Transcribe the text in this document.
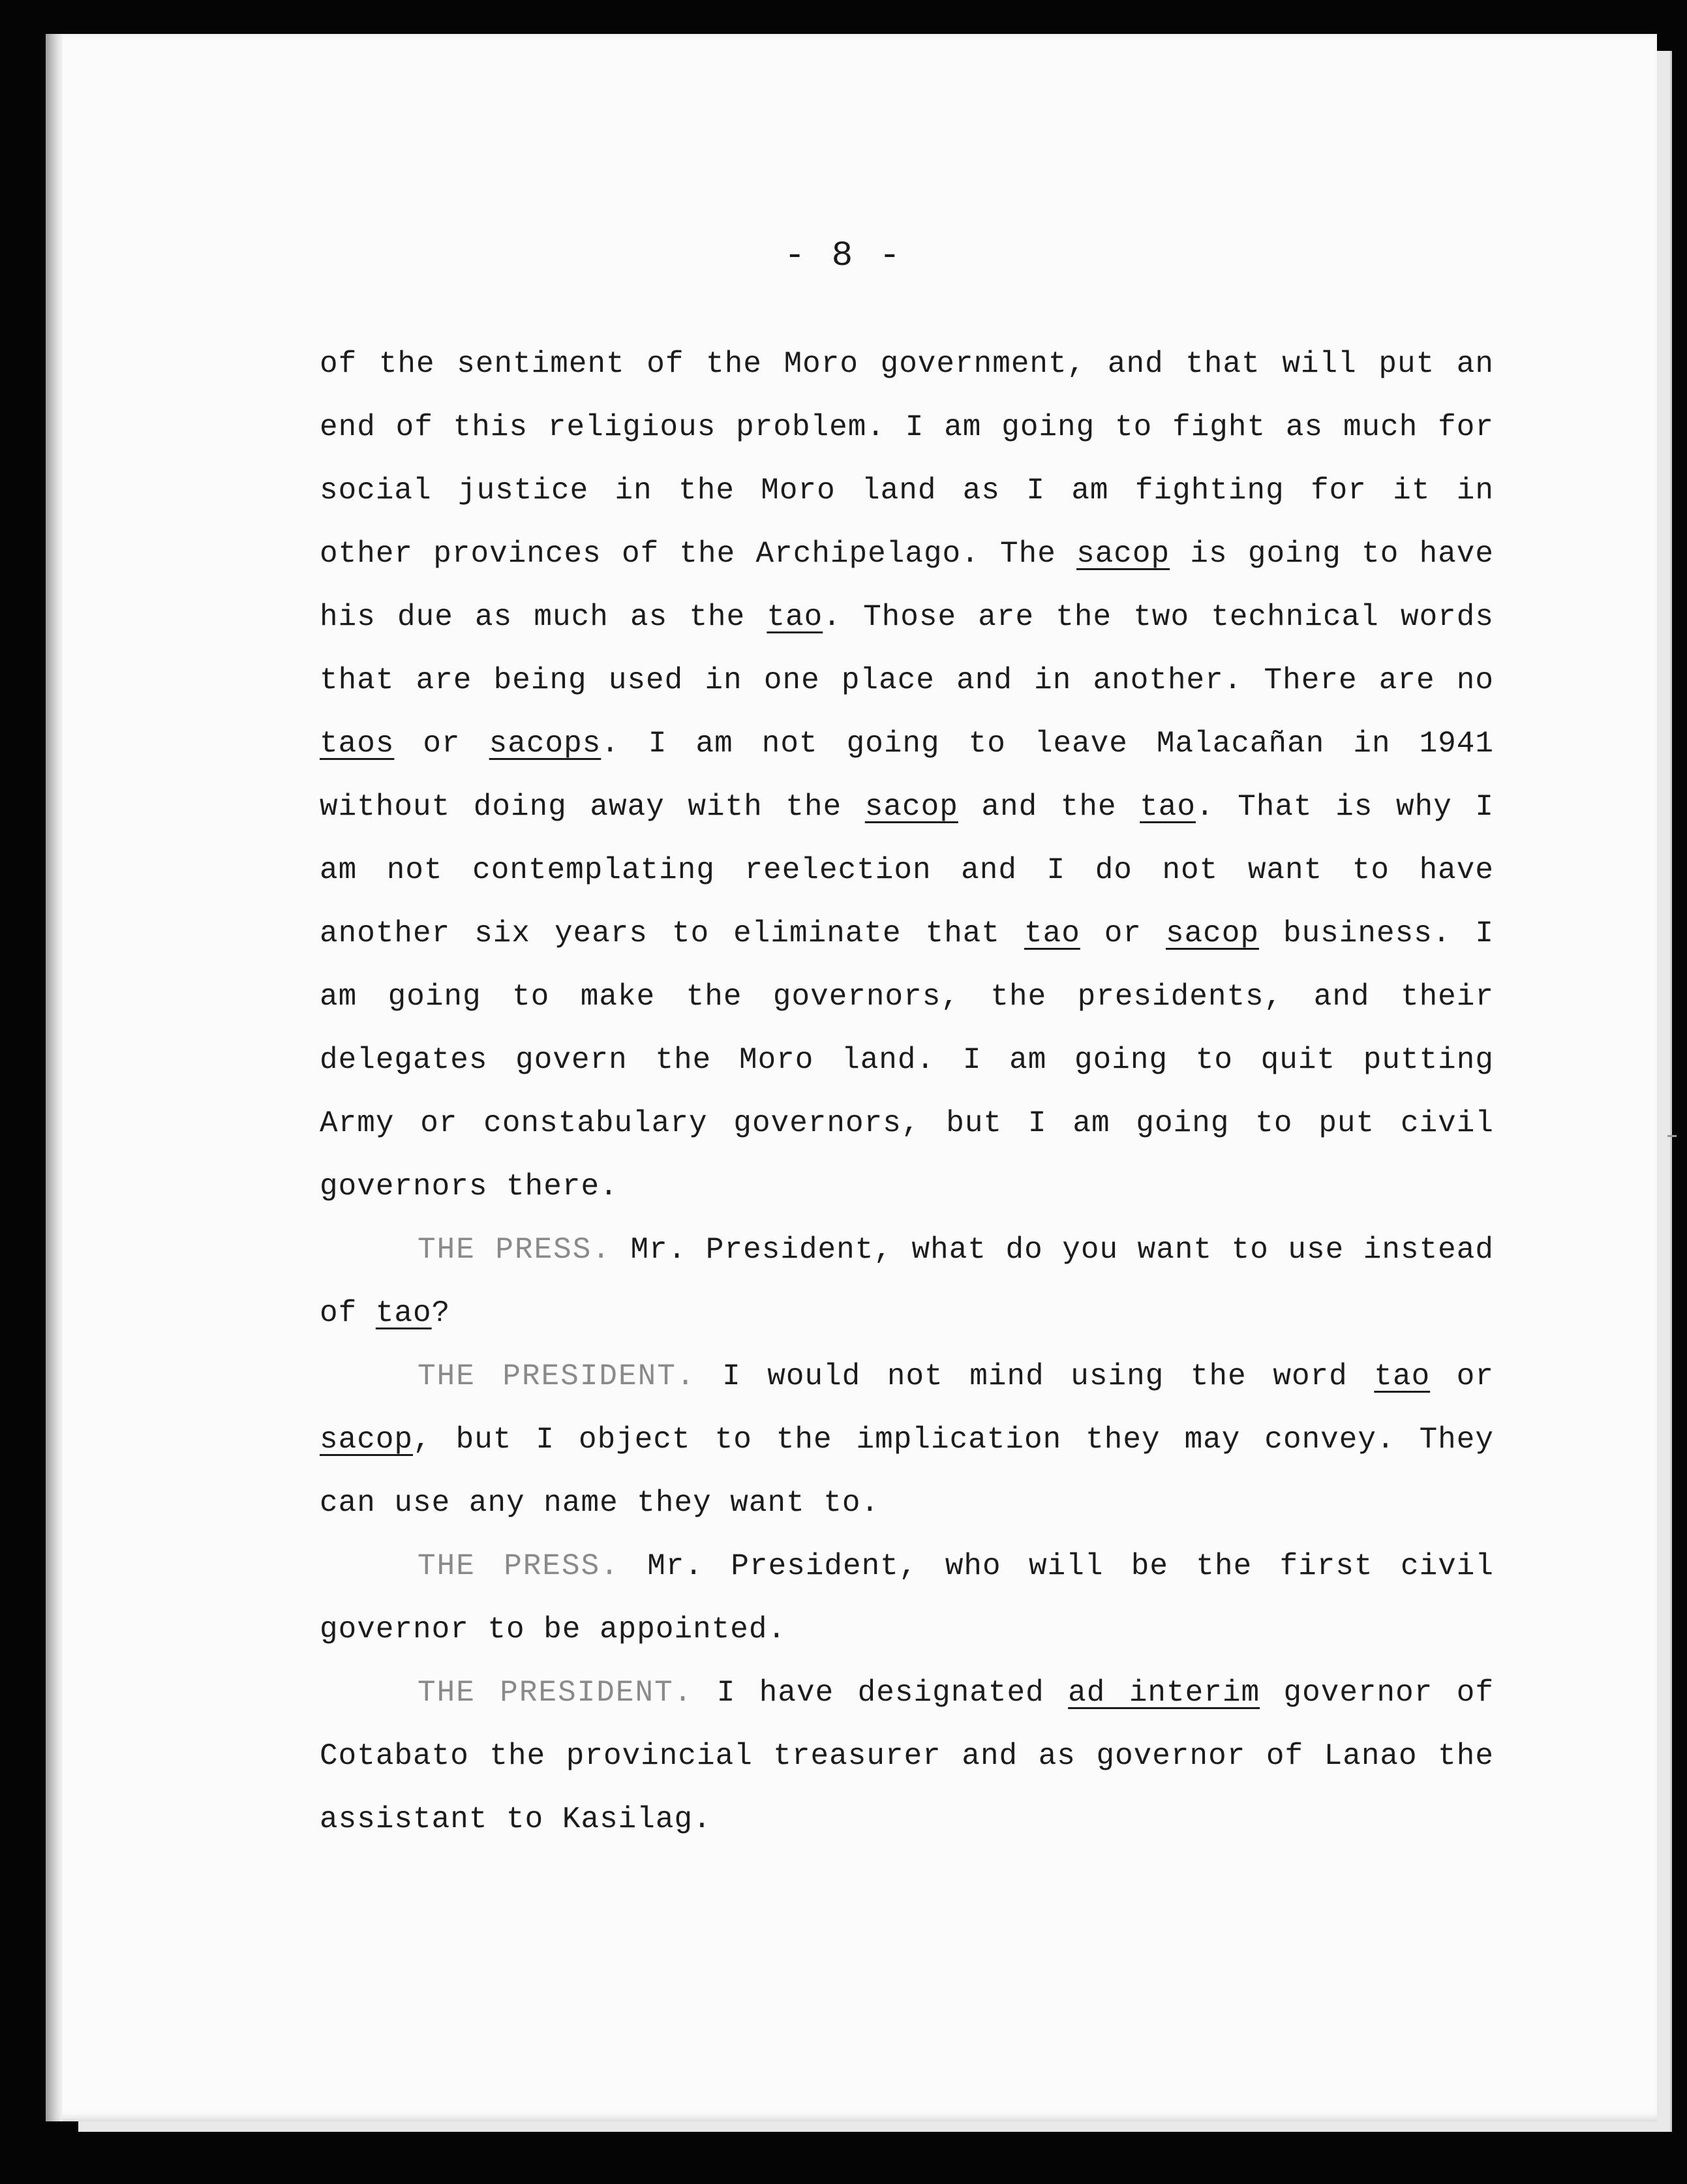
- 8 -

of the sentiment of the Moro government, and that will put an end of this religious problem. I am going to fight as much for social justice in the Moro land as I am fighting for it in other provinces of the Archipelago. The sacop is going to have his due as much as the tao. Those are the two technical words that are being used in one place and in another. There are no taos or sacops. I am not going to leave Malacañan in 1941 without doing away with the sacop and the tao. That is why I am not contemplating reelection and I do not want to have another six years to eliminate that tao or sacop business. I am going to make the governors, the presidents, and their delegates govern the Moro land. I am going to quit putting Army or constabulary governors, but I am going to put civil governors there.

THE PRESS. Mr. President, what do you want to use instead of tao?

THE PRESIDENT. I would not mind using the word tao or sacop, but I object to the implication they may convey. They can use any name they want to.

THE PRESS. Mr. President, who will be the first civil governor to be appointed.

THE PRESIDENT. I have designated ad interim governor of Cotabato the provincial treasurer and as governor of Lanao the assistant to Kasilag.
